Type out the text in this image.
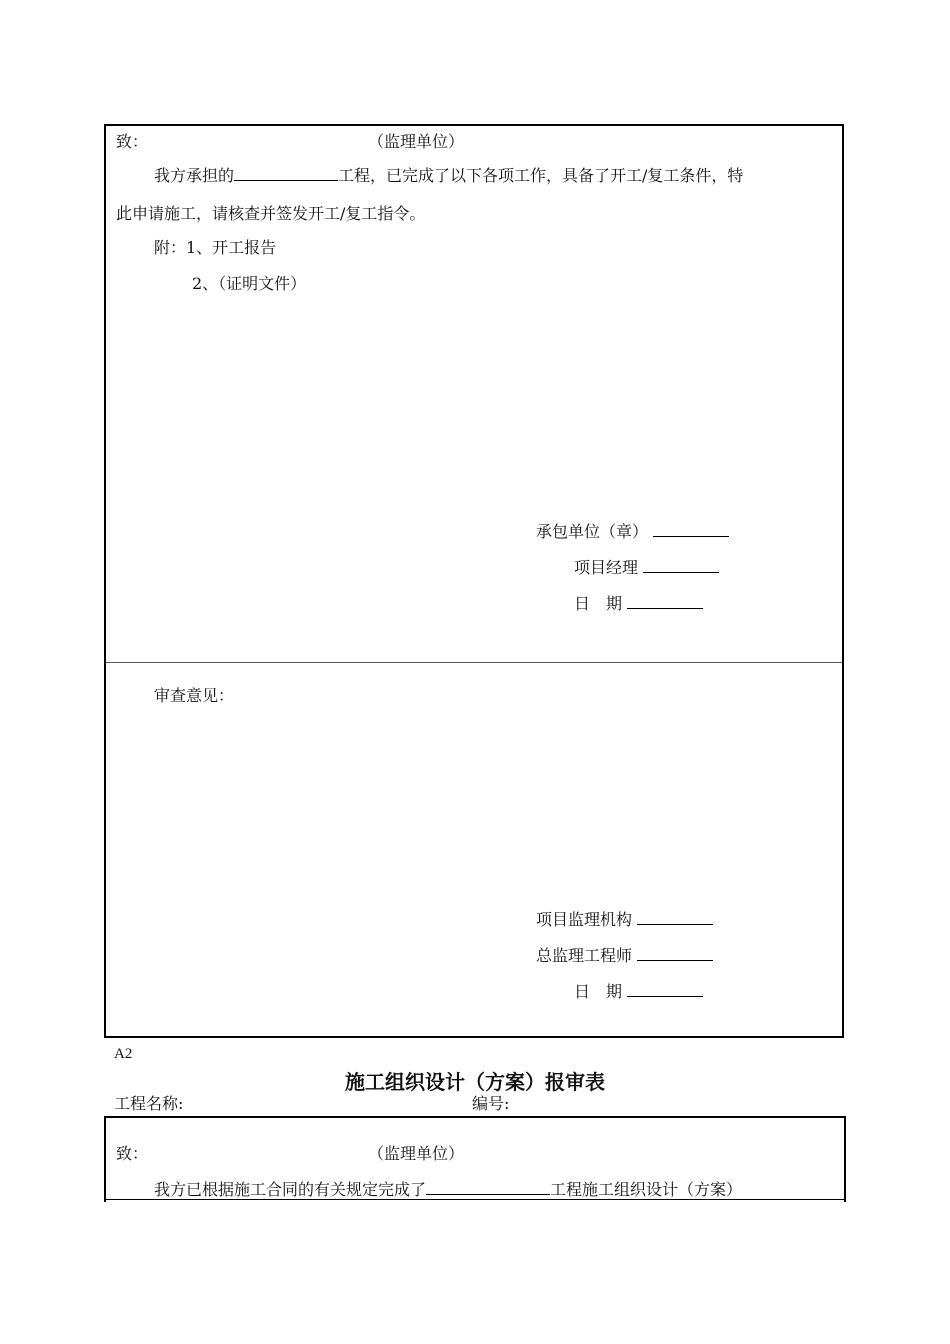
致：	（监理单位）
我方承担的	工程，已完成了以下各项工作，具备了开工/复工条件，特
此申请施工，请核查并签发开工/复工指令。
附：1、开工报告
2、（证明文件）
承包单位（章）
项目经理
日　期
审查意见：
项目监理机构
总监理工程师
日　期
A2
施工组织设计（方案）报审表
工程名称:	编号:
致：	（监理单位）
我方已根据施工合同的有关规定完成了	工程施工组织设计（方案）
